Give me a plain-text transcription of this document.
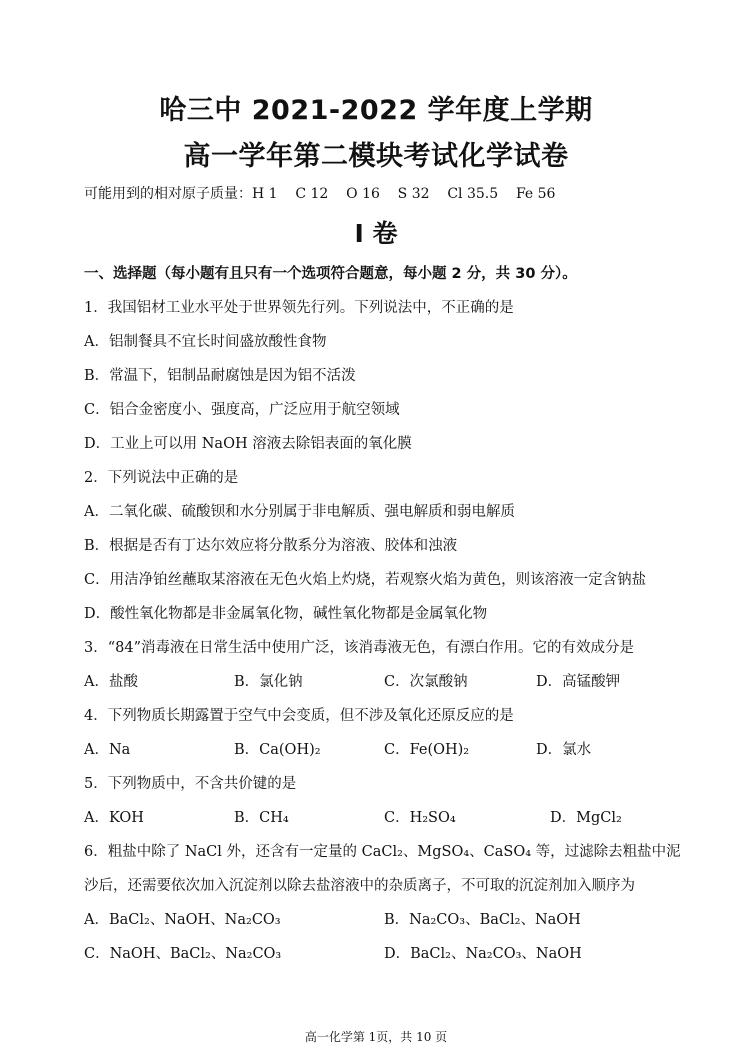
哈三中 2021-2022 学年度上学期
高一学年第二模块考试化学试卷
可能用到的相对原子质量：H 1    C 12    O 16    S 32    Cl 35.5    Fe 56
I 卷
一、选择题（每小题有且只有一个选项符合题意，每小题 2 分，共 30 分）。
1．我国铝材工业水平处于世界领先行列。下列说法中，不正确的是
A．铝制餐具不宜长时间盛放酸性食物
B．常温下，铝制品耐腐蚀是因为铝不活泼
C．铝合金密度小、强度高，广泛应用于航空领域
D．工业上可以用 NaOH 溶液去除铝表面的氧化膜
2．下列说法中正确的是
A．二氧化碳、硫酸钡和水分别属于非电解质、强电解质和弱电解质
B．根据是否有丁达尔效应将分散系分为溶液、胶体和浊液
C．用洁净铂丝蘸取某溶液在无色火焰上灼烧，若观察火焰为黄色，则该溶液一定含钠盐
D．酸性氧化物都是非金属氧化物，碱性氧化物都是金属氧化物
3．“84”消毒液在日常生活中使用广泛，该消毒液无色，有漂白作用。它的有效成分是
A．盐酸	B．氯化钠	C．次氯酸钠	D．高锰酸钾
4．下列物质长期露置于空气中会变质，但不涉及氧化还原反应的是
A．Na	B．Ca(OH)₂	C．Fe(OH)₂	D．氯水
5．下列物质中，不含共价键的是
A．KOH	B．CH₄	C．H₂SO₄	D．MgCl₂
6．粗盐中除了 NaCl 外，还含有一定量的 CaCl₂、MgSO₄、CaSO₄ 等，过滤除去粗盐中泥
沙后，还需要依次加入沉淀剂以除去盐溶液中的杂质离子，不可取的沉淀剂加入顺序为
A．BaCl₂、NaOH、Na₂CO₃	B．Na₂CO₃、BaCl₂、NaOH
C．NaOH、BaCl₂、Na₂CO₃	D．BaCl₂、Na₂CO₃、NaOH
高一化学第 1页，共 10 页
